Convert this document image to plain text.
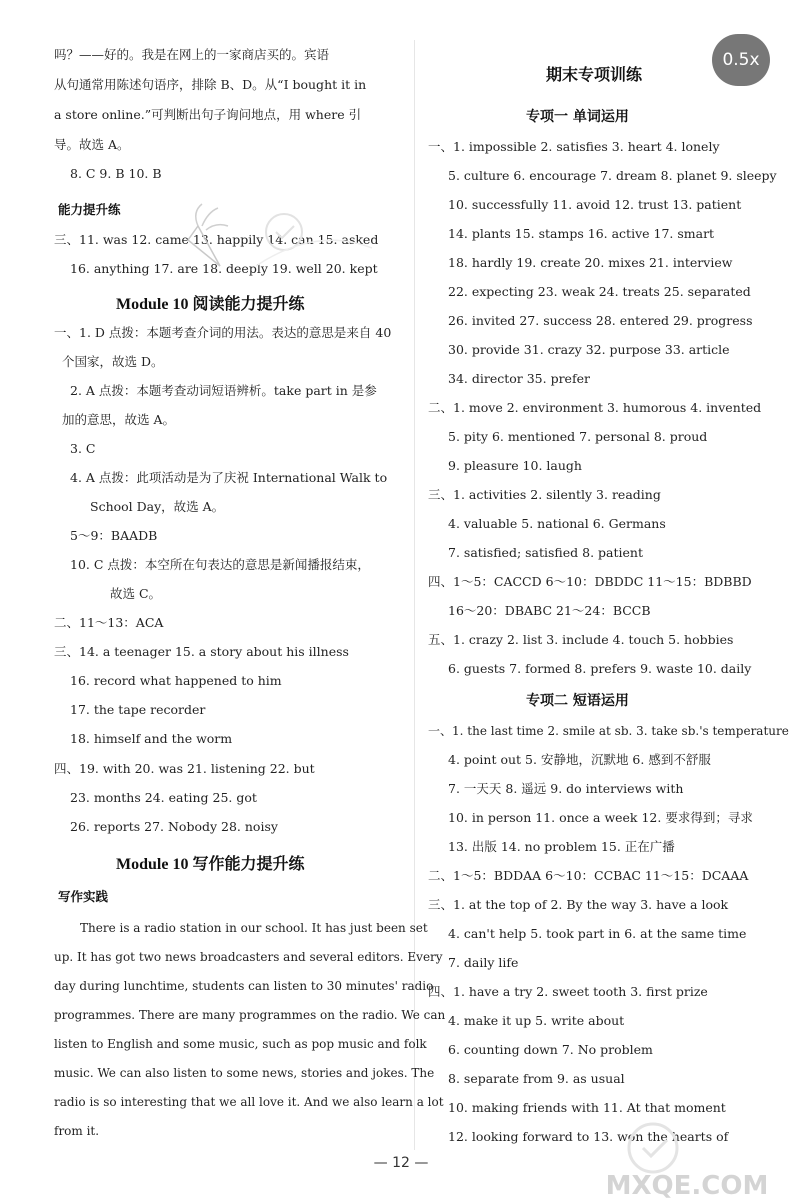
吗？——好的。我是在网上的一家商店买的。宾语
从句通常用陈述句语序，排除 B、D。从“I bought it in
a store online.”可判断出句子询问地点，用 where 引
导。故选 A。
8. C 9. B 10. B
能力提升练
三、11. was 12. came 13. happily 14. can 15. asked
16. anything 17. are 18. deeply 19. well 20. kept
Module 10 阅读能力提升练
一、1. D 点拨：本题考查介词的用法。表达的意思是来自 40
个国家，故选 D。
2. A 点拨：本题考查动词短语辨析。take part in 是参
加的意思，故选 A。
3. C
4. A 点拨：此项活动是为了庆祝 International Walk to
School Day，故选 A。
5～9：BAADB
10. C 点拨：本空所在句表达的意思是新闻播报结束，
故选 C。
二、11～13：ACA
三、14. a teenager 15. a story about his illness
16. record what happened to him
17. the tape recorder
18. himself and the worm
四、19. with 20. was 21. listening 22. but
23. months 24. eating 25. got
26. reports 27. Nobody 28. noisy
Module 10 写作能力提升练
写作实践
There is a radio station in our school. It has just been set
up. It has got two news broadcasters and several editors. Every
day during lunchtime, students can listen to 30 minutes' radio
programmes. There are many programmes on the radio. We can
listen to English and some music, such as pop music and folk
music. We can also listen to some news, stories and jokes. The
radio is so interesting that we all love it. And we also learn a lot
from it.
0.5x
期末专项训练
专项一 单词运用
一、1. impossible 2. satisfies 3. heart 4. lonely
5. culture 6. encourage 7. dream 8. planet 9. sleepy
10. successfully 11. avoid 12. trust 13. patient
14. plants 15. stamps 16. active 17. smart
18. hardly 19. create 20. mixes 21. interview
22. expecting 23. weak 24. treats 25. separated
26. invited 27. success 28. entered 29. progress
30. provide 31. crazy 32. purpose 33. article
34. director 35. prefer
二、1. move 2. environment 3. humorous 4. invented
5. pity 6. mentioned 7. personal 8. proud
9. pleasure 10. laugh
三、1. activities 2. silently 3. reading
4. valuable 5. national 6. Germans
7. satisfied; satisfied 8. patient
四、1～5：CACCD 6～10：DBDDC 11～15：BDBBD
16～20：DBABC 21～24：BCCB
五、1. crazy 2. list 3. include 4. touch 5. hobbies
6. guests 7. formed 8. prefers 9. waste 10. daily
专项二 短语运用
一、1. the last time 2. smile at sb. 3. take sb.'s temperature
4. point out 5. 安静地，沉默地 6. 感到不舒服
7. 一天天 8. 遥远 9. do interviews with
10. in person 11. once a week 12. 要求得到；寻求
13. 出版 14. no problem 15. 正在广播
二、1～5：BDDAA 6～10：CCBAC 11～15：DCAAA
三、1. at the top of 2. By the way 3. have a look
4. can't help 5. took part in 6. at the same time
7. daily life
四、1. have a try 2. sweet tooth 3. first prize
4. make it up 5. write about
6. counting down 7. No problem
8. separate from 9. as usual
10. making friends with 11. At that moment
12. looking forward to 13. won the hearts of
MXQE.COM
— 12 —
